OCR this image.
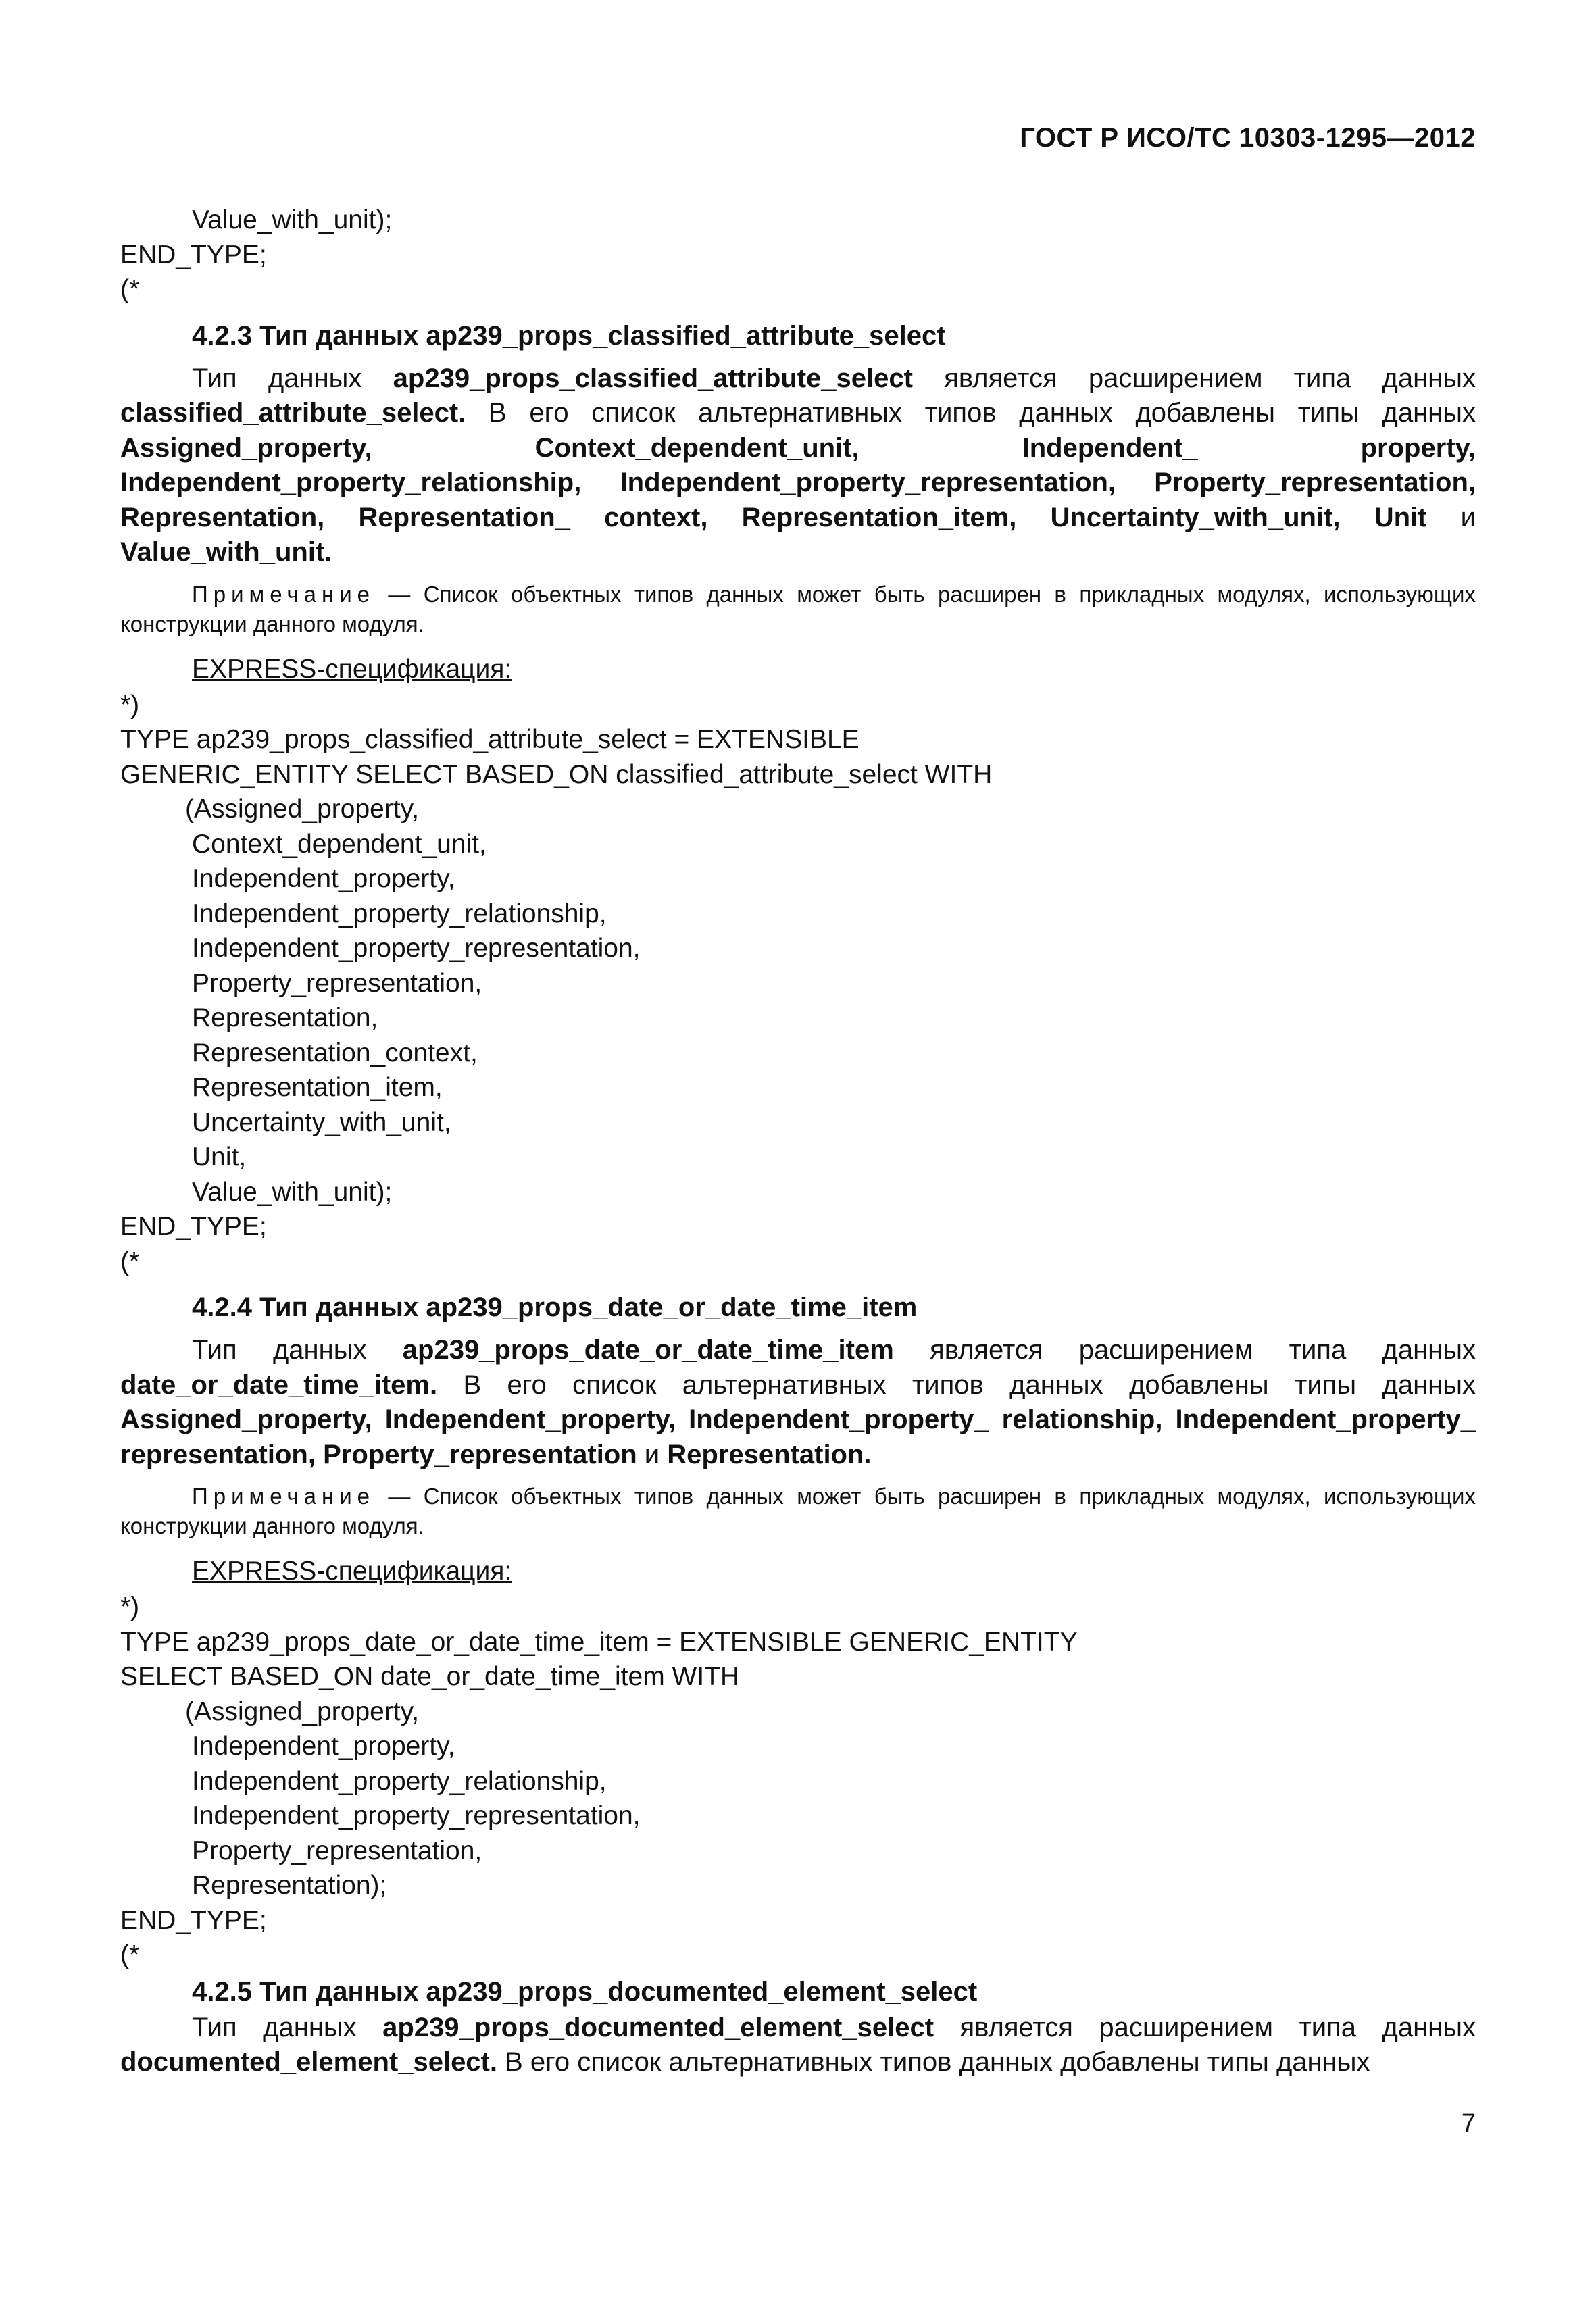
ГОСТ Р ИСО/ТС 10303-1295—2012
Value_with_unit);
END_TYPE;
(*
4.2.3 Тип данных ap239_props_classified_attribute_select
Тип данных ap239_props_classified_attribute_select является расширением типа данных classified_attribute_select. В его список альтернативных типов данных добавлены типы данных Assigned_property, Context_dependent_unit, Independent_ property, Independent_property_relationship, Independent_property_representation, Property_representation, Representation, Representation_ context, Representation_item, Uncertainty_with_unit, Unit и Value_with_unit.
Примечание — Список объектных типов данных может быть расширен в прикладных модулях, использующих конструкции данного модуля.
EXPRESS-спецификация:
*)
TYPE ap239_props_classified_attribute_select = EXTENSIBLE
GENERIC_ENTITY SELECT BASED_ON classified_attribute_select WITH
(Assigned_property,
Context_dependent_unit,
Independent_property,
Independent_property_relationship,
Independent_property_representation,
Property_representation,
Representation,
Representation_context,
Representation_item,
Uncertainty_with_unit,
Unit,
Value_with_unit);
END_TYPE;
(*
4.2.4 Тип данных ap239_props_date_or_date_time_item
Тип данных ap239_props_date_or_date_time_item является расширением типа данных date_or_date_time_item. В его список альтернативных типов данных добавлены типы данных Assigned_property, Independent_property, Independent_property_ relationship, Independent_property_ representation, Property_representation и Representation.
Примечание — Список объектных типов данных может быть расширен в прикладных модулях, использующих конструкции данного модуля.
EXPRESS-спецификация:
*)
TYPE ap239_props_date_or_date_time_item = EXTENSIBLE GENERIC_ENTITY
SELECT BASED_ON date_or_date_time_item WITH
(Assigned_property,
Independent_property,
Independent_property_relationship,
Independent_property_representation,
Property_representation,
Representation);
END_TYPE;
(*
4.2.5 Тип данных ap239_props_documented_element_select
Тип данных ap239_props_documented_element_select является расширением типа данных documented_element_select. В его список альтернативных типов данных добавлены типы данных
7
